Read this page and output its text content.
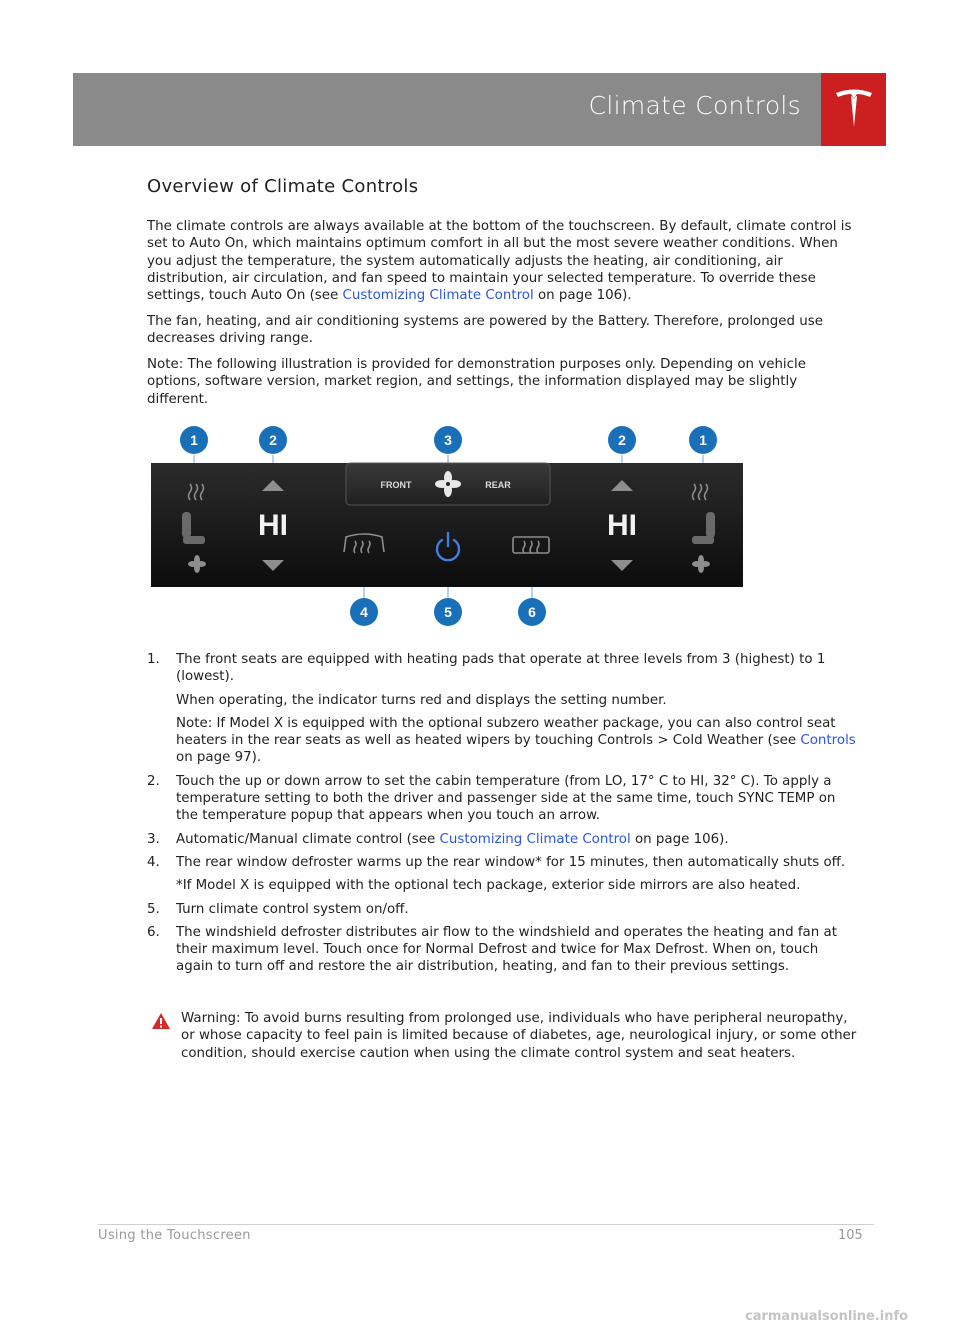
Climate Controls
Overview of Climate Controls
The climate controls are always available at the bottom of the touchscreen. By default, climate control is set to Auto On, which maintains optimum comfort in all but the most severe weather conditions. When you adjust the temperature, the system automatically adjusts the heating, air conditioning, air distribution, air circulation, and fan speed to maintain your selected temperature. To override these settings, touch Auto On (see Customizing Climate Control on page 106).
The fan, heating, and air conditioning systems are powered by the Battery. Therefore, prolonged use decreases driving range.
Note: The following illustration is provided for demonstration purposes only. Depending on vehicle options, software version, market region, and settings, the information displayed may be slightly different.
FRONT	REAR
HI	HI
1	2	3	2	1
4	5	6
1. The front seats are equipped with heating pads that operate at three levels from 3 (highest) to 1 (lowest).
When operating, the indicator turns red and displays the setting number.
Note: If Model X is equipped with the optional subzero weather package, you can also control seat heaters in the rear seats as well as heated wipers by touching Controls > Cold Weather (see Controls on page 97).
2. Touch the up or down arrow to set the cabin temperature (from LO, 17° C to HI, 32° C). To apply a temperature setting to both the driver and passenger side at the same time, touch SYNC TEMP on the temperature popup that appears when you touch an arrow.
3. Automatic/Manual climate control (see Customizing Climate Control on page 106).
4. The rear window defroster warms up the rear window* for 15 minutes, then automatically shuts off.
*If Model X is equipped with the optional tech package, exterior side mirrors are also heated.
5. Turn climate control system on/off.
6. The windshield defroster distributes air flow to the windshield and operates the heating and fan at their maximum level. Touch once for Normal Defrost and twice for Max Defrost. When on, touch again to turn off and restore the air distribution, heating, and fan to their previous settings.
Warning: To avoid burns resulting from prolonged use, individuals who have peripheral neuropathy, or whose capacity to feel pain is limited because of diabetes, age, neurological injury, or some other condition, should exercise caution when using the climate control system and seat heaters.
Using the Touchscreen	105
carmanualsonline.info
